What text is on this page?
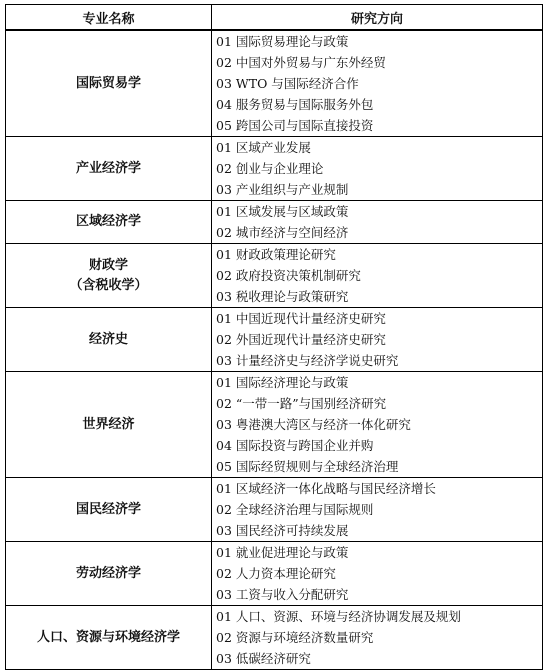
专业名称	研究方向

国际贸易学	01 国际贸易理论与政策
02 中国对外贸易与广东外经贸
03 WTO 与国际经济合作
04 服务贸易与国际服务外包
05 跨国公司与国际直接投资

产业经济学	01 区域产业发展
02 创业与企业理论
03 产业组织与产业规制

区域经济学	01 区域发展与区域政策
02 城市经济与空间经济

财政学
（含税收学）	01 财政政策理论研究
02 政府投资决策机制研究
03 税收理论与政策研究

经济史	01 中国近现代计量经济史研究
02 外国近现代计量经济史研究
03 计量经济史与经济学说史研究

世界经济	01 国际经济理论与政策
02 “一带一路”与国别经济研究
03 粤港澳大湾区与经济一体化研究
04 国际投资与跨国企业并购
05 国际经贸规则与全球经济治理

国民经济学	01 区域经济一体化战略与国民经济增长
02 全球经济治理与国际规则
03 国民经济可持续发展

劳动经济学	01 就业促进理论与政策
02 人力资本理论研究
03 工资与收入分配研究

人口、资源与环境经济学	01 人口、资源、环境与经济协调发展及规划
02 资源与环境经济数量研究
03 低碳经济研究
